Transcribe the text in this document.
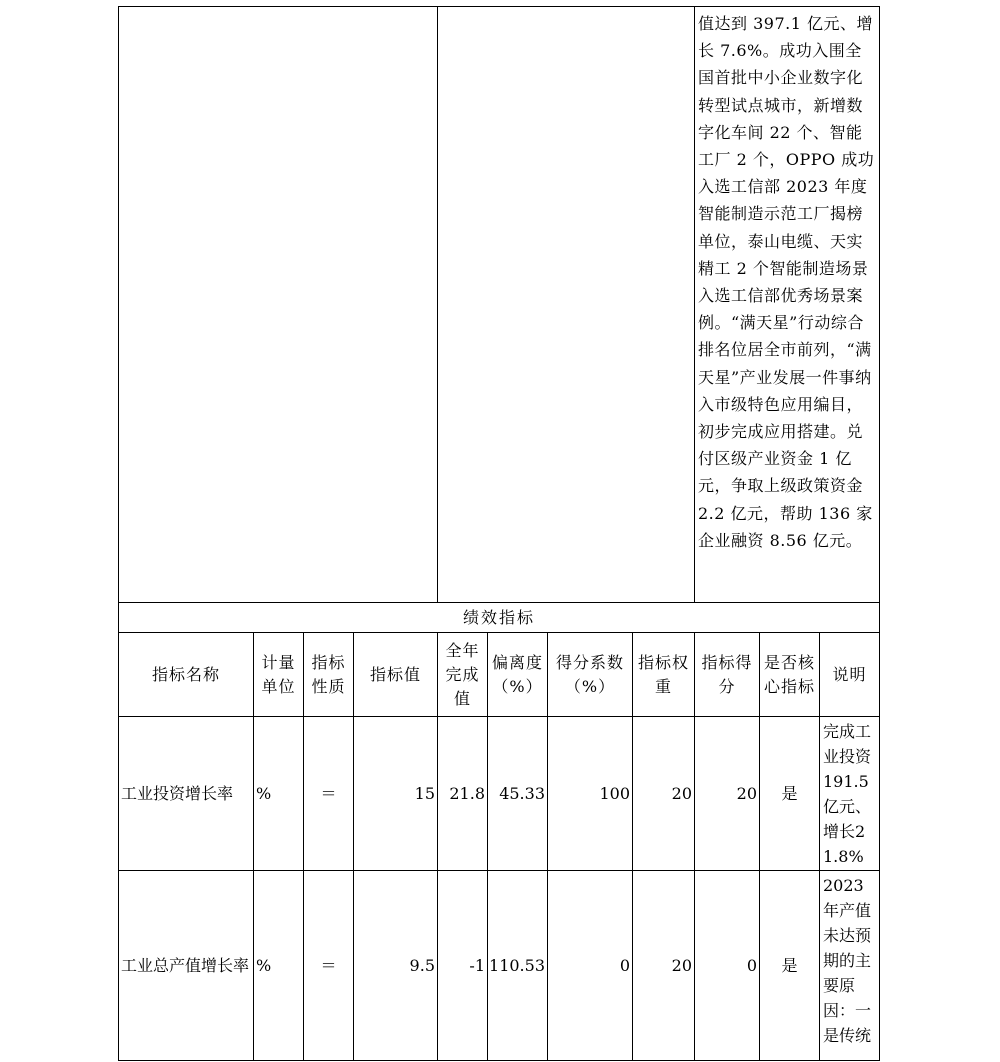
								值达到 397.1 亿元、增长 7.6%。成功入围全国首批中小企业数字化转型试点城市，新增数字化车间 22 个、智能工厂 2 个，OPPO 成功入选工信部 2023 年度智能制造示范工厂揭榜单位，泰山电缆、天实精工 2 个智能制造场景入选工信部优秀场景案例。“满天星”行动综合排名位居全市前列，“满天星”产业发展一件事纳入市级特色应用编目，初步完成应用搭建。兑付区级产业资金 1 亿元，争取上级政策资金 2.2 亿元，帮助 136 家企业融资 8.56 亿元。		
绩效指标										
指标名称	计量单位	指标性质	指标值	全年完成值	偏离度（%）	得分系数（%）	指标权重	指标得分	是否核心指标	说明
工业投资增长率	%	＝	15	21.8	45.33	100	20	20	是	完成工业投资191.5亿元、增长21.8%
工业总产值增长率	%	＝	9.5	-1	110.53	0	20	0	是	2023年产值未达预期的主要原因：一是传统
